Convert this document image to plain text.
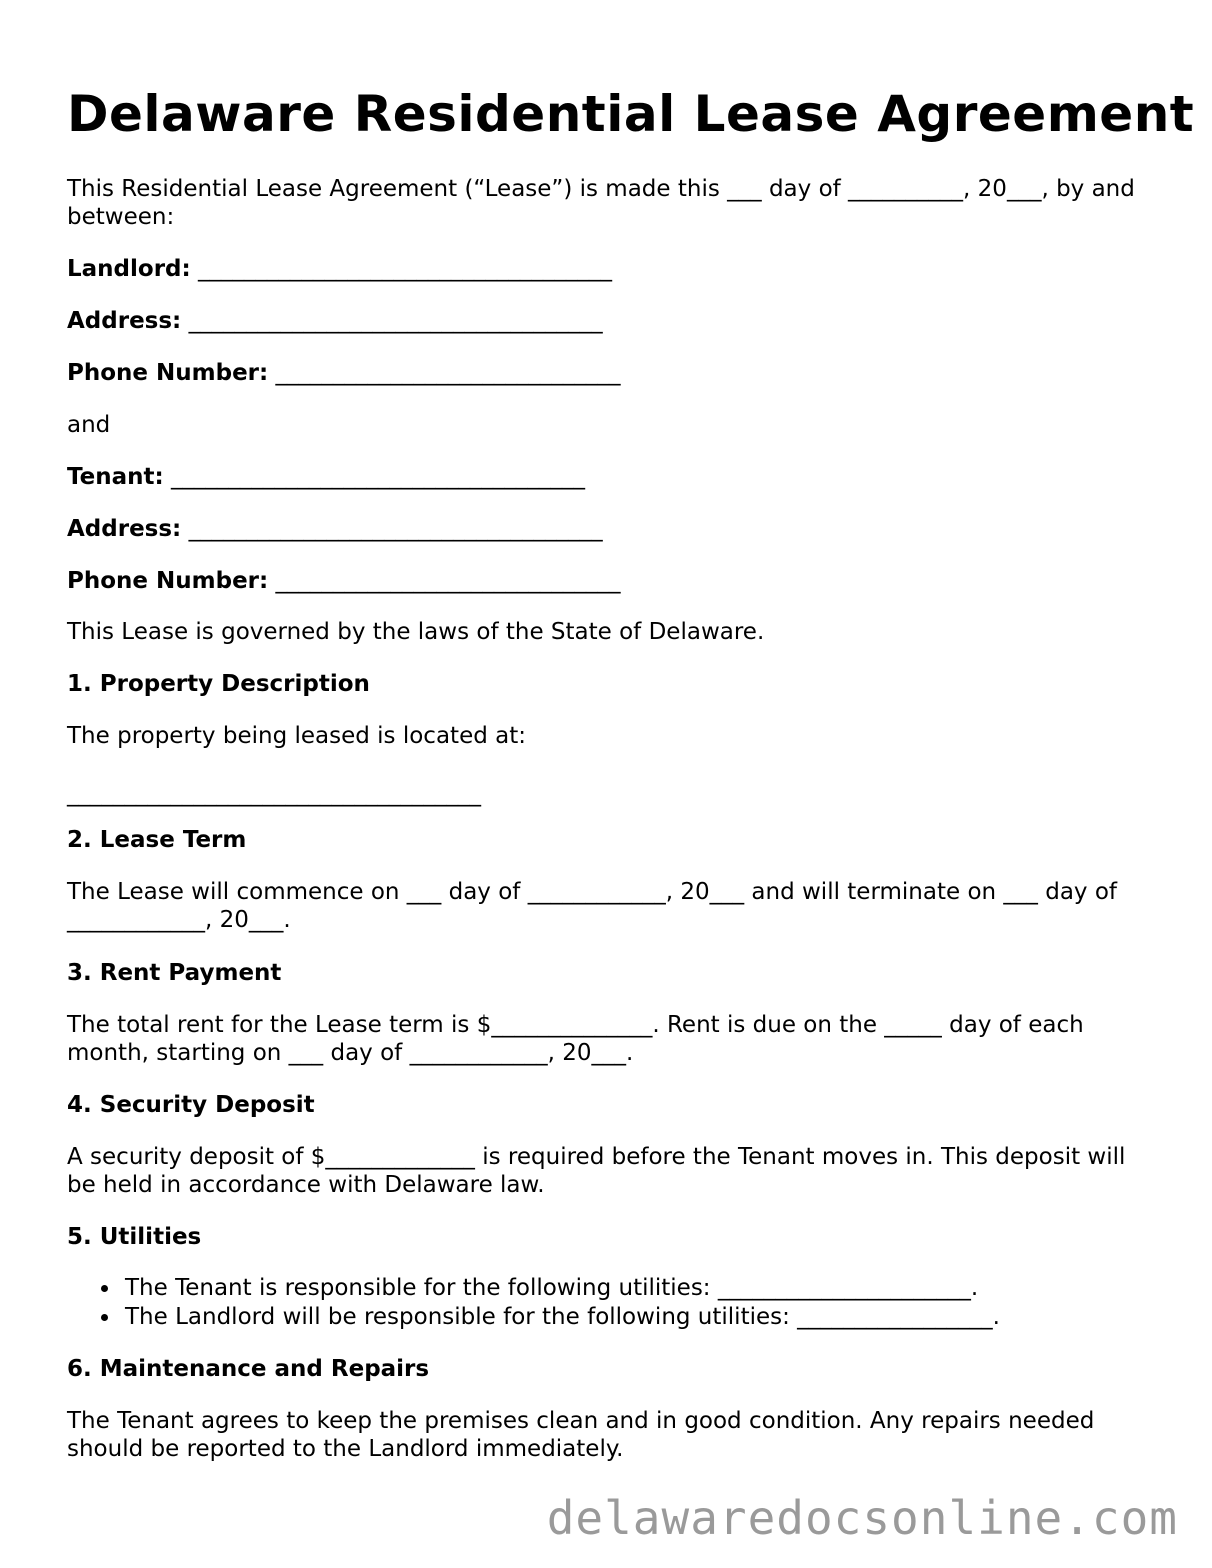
Delaware Residential Lease Agreement

This Residential Lease Agreement (“Lease”) is made this ___ day of __________, 20___, by and between:

Landlord: ____________________________________

Address: ____________________________________

Phone Number: ______________________________

and

Tenant: ____________________________________

Address: ____________________________________

Phone Number: ______________________________

This Lease is governed by the laws of the State of Delaware.

1. Property Description

The property being leased is located at:

____________________________________

2. Lease Term

The Lease will commence on ___ day of ____________, 20___ and will terminate on ___ day of ____________, 20___.

3. Rent Payment

The total rent for the Lease term is $______________. Rent is due on the _____ day of each month, starting on ___ day of ____________, 20___.

4. Security Deposit

A security deposit of $_____________ is required before the Tenant moves in. This deposit will be held in accordance with Delaware law.

5. Utilities
The Tenant is responsible for the following utilities: ______________________.
The Landlord will be responsible for the following utilities: _________________.
6. Maintenance and Repairs

The Tenant agrees to keep the premises clean and in good condition. Any repairs needed should be reported to the Landlord immediately.

delawaredocsonline.com
